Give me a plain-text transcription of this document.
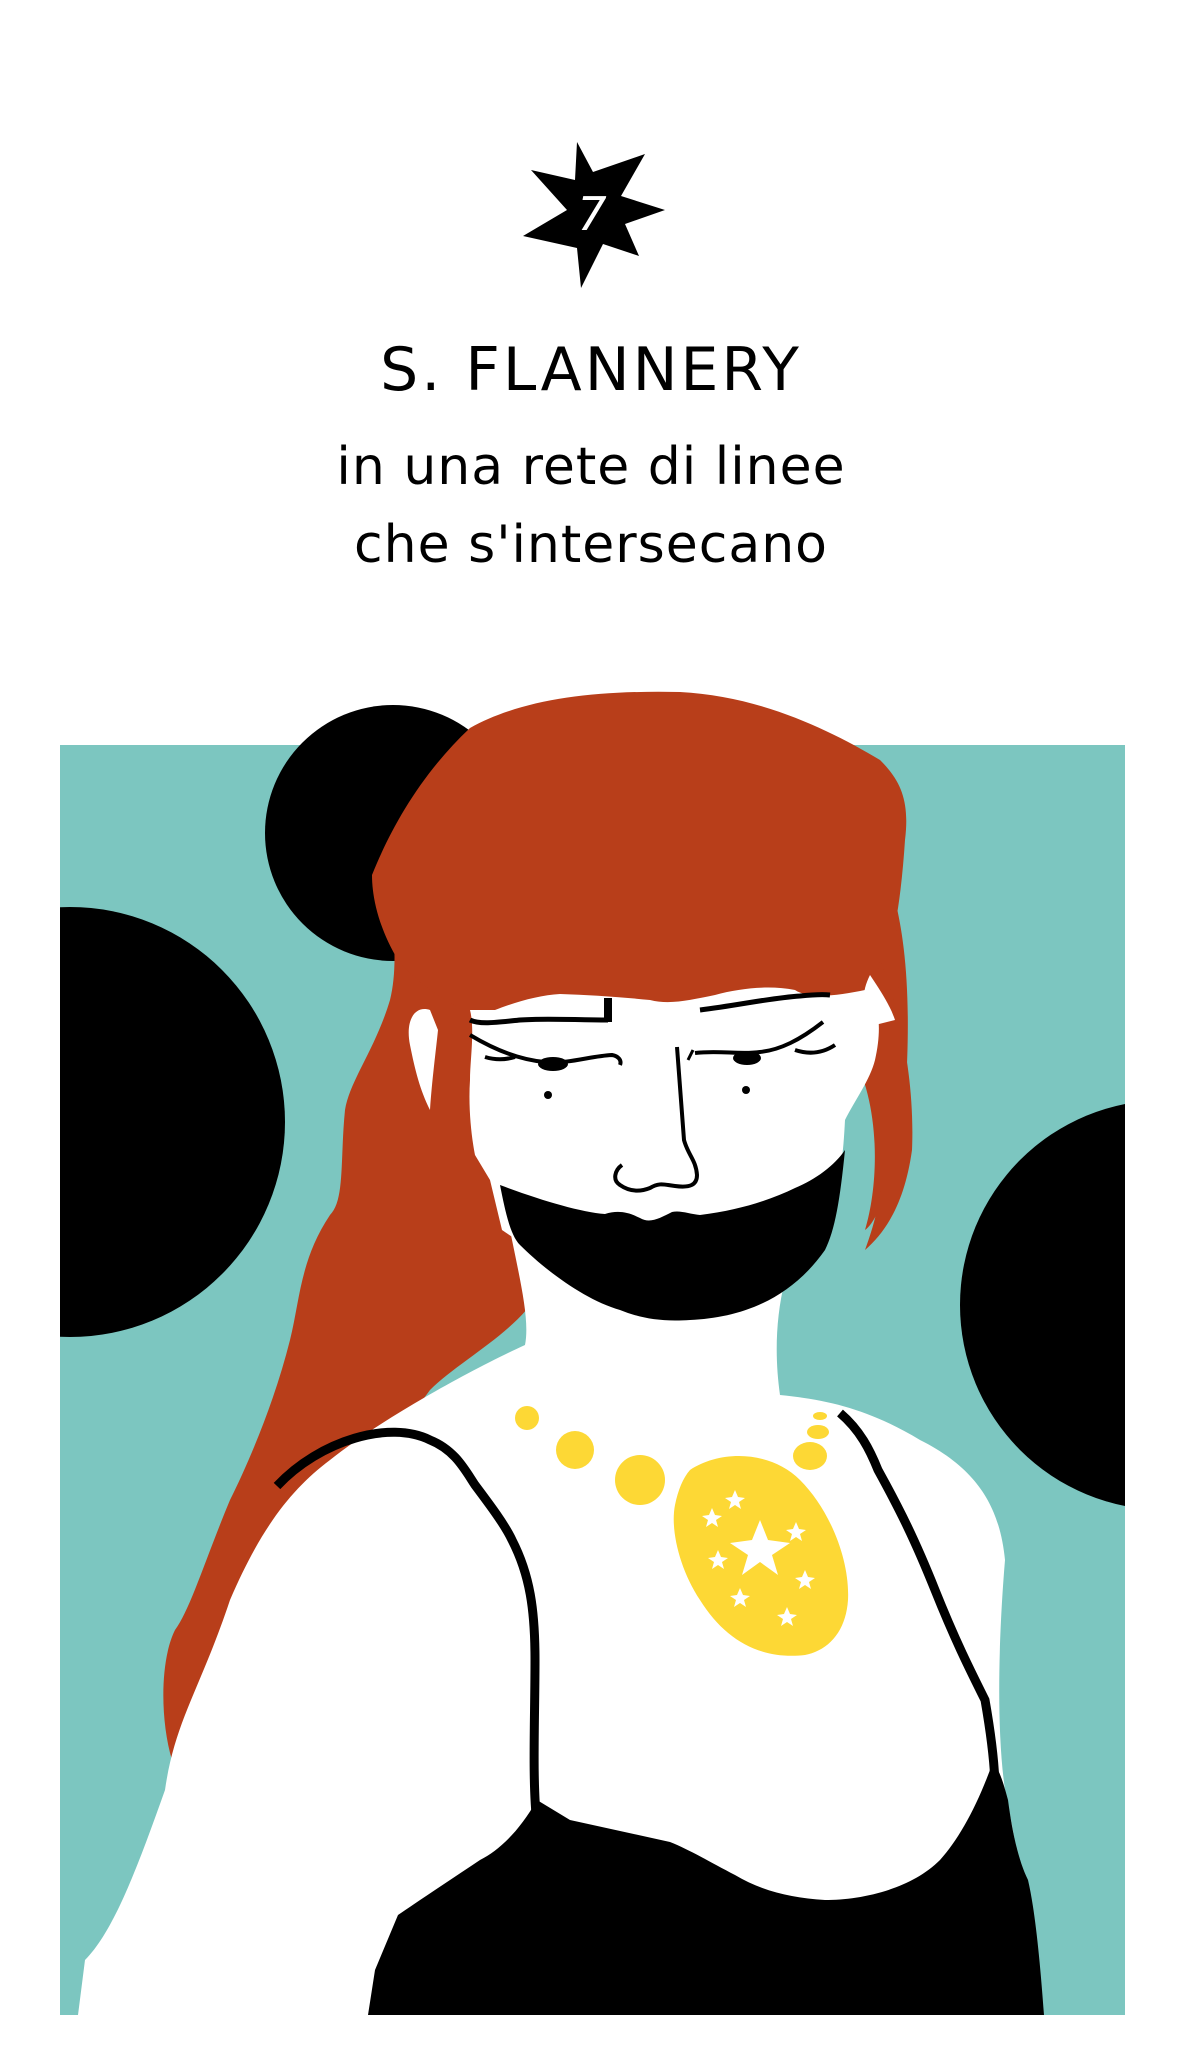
7
S. FLANNERY
in una rete di linee
che s'intersecano
